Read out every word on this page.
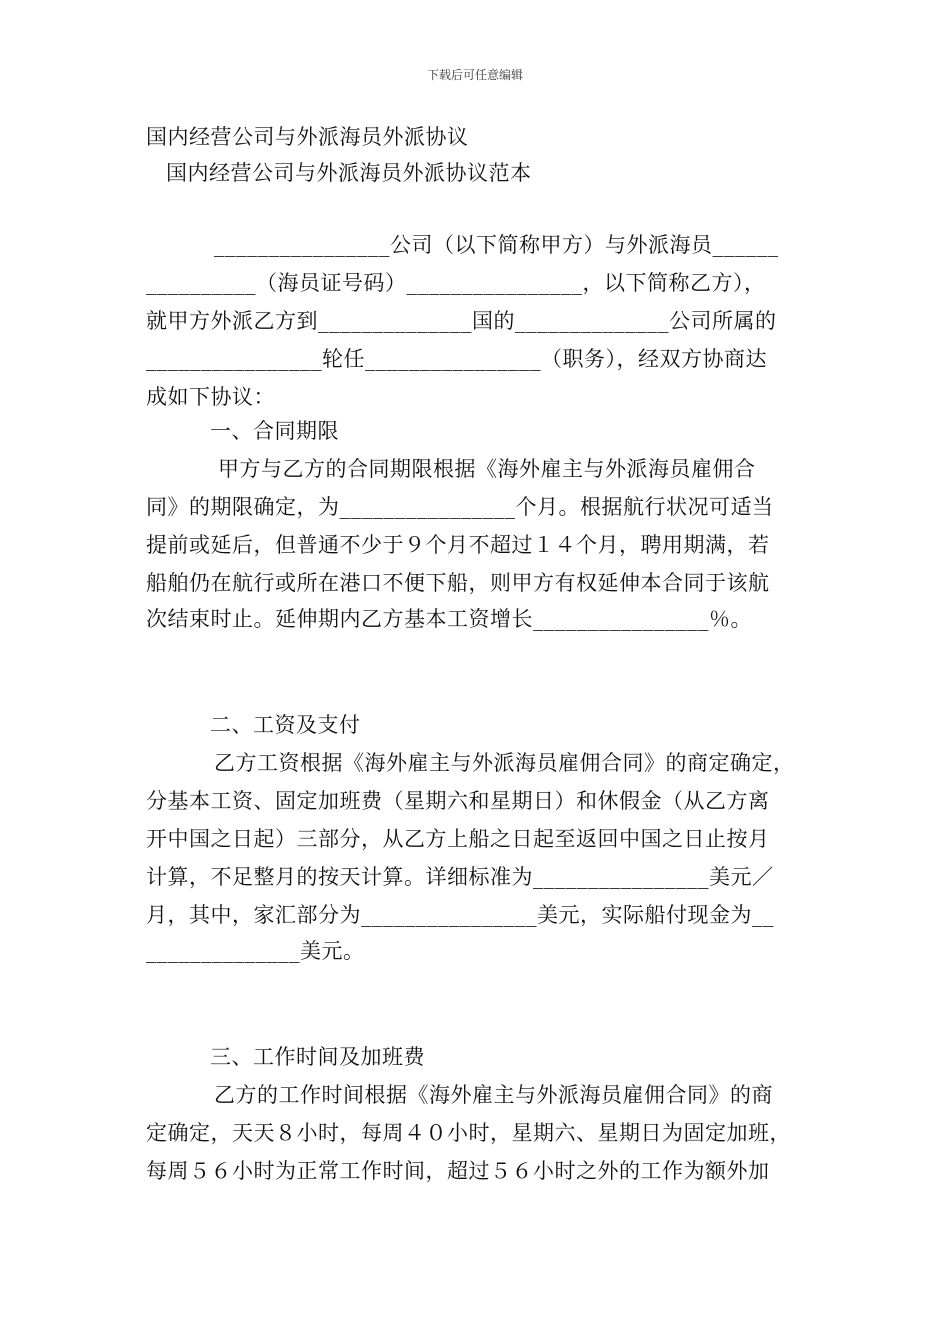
下载后可任意编辑
国内经营公司与外派海员外派协议
国内经营公司与外派海员外派协议范本
________________公司（以下简称甲方）与外派海员______
__________（海员证号码）________________，以下简称乙方），
就甲方外派乙方到______________国的______________公司所属的
________________轮任________________（职务），经双方协商达
成如下协议：
一、合同期限
甲方与乙方的合同期限根据《海外雇主与外派海员雇佣合
同》的期限确定，为________________个月。根据航行状况可适当
提前或延后，但普通不少于９个月不超过１４个月，聘用期满，若
船舶仍在航行或所在港口不便下船，则甲方有权延伸本合同于该航
次结束时止。延伸期内乙方基本工资增长________________％。
二、工资及支付
乙方工资根据《海外雇主与外派海员雇佣合同》的商定确定，
分基本工资、固定加班费（星期六和星期日）和休假金（从乙方离
开中国之日起）三部分，从乙方上船之日起至返回中国之日止按月
计算，不足整月的按天计算。详细标准为________________美元／
月，其中，家汇部分为________________美元，实际船付现金为__
______________美元。
三、工作时间及加班费
乙方的工作时间根据《海外雇主与外派海员雇佣合同》的商
定确定，天天８小时，每周４０小时，星期六、星期日为固定加班，
每周５６小时为正常工作时间，超过５６小时之外的工作为额外加
